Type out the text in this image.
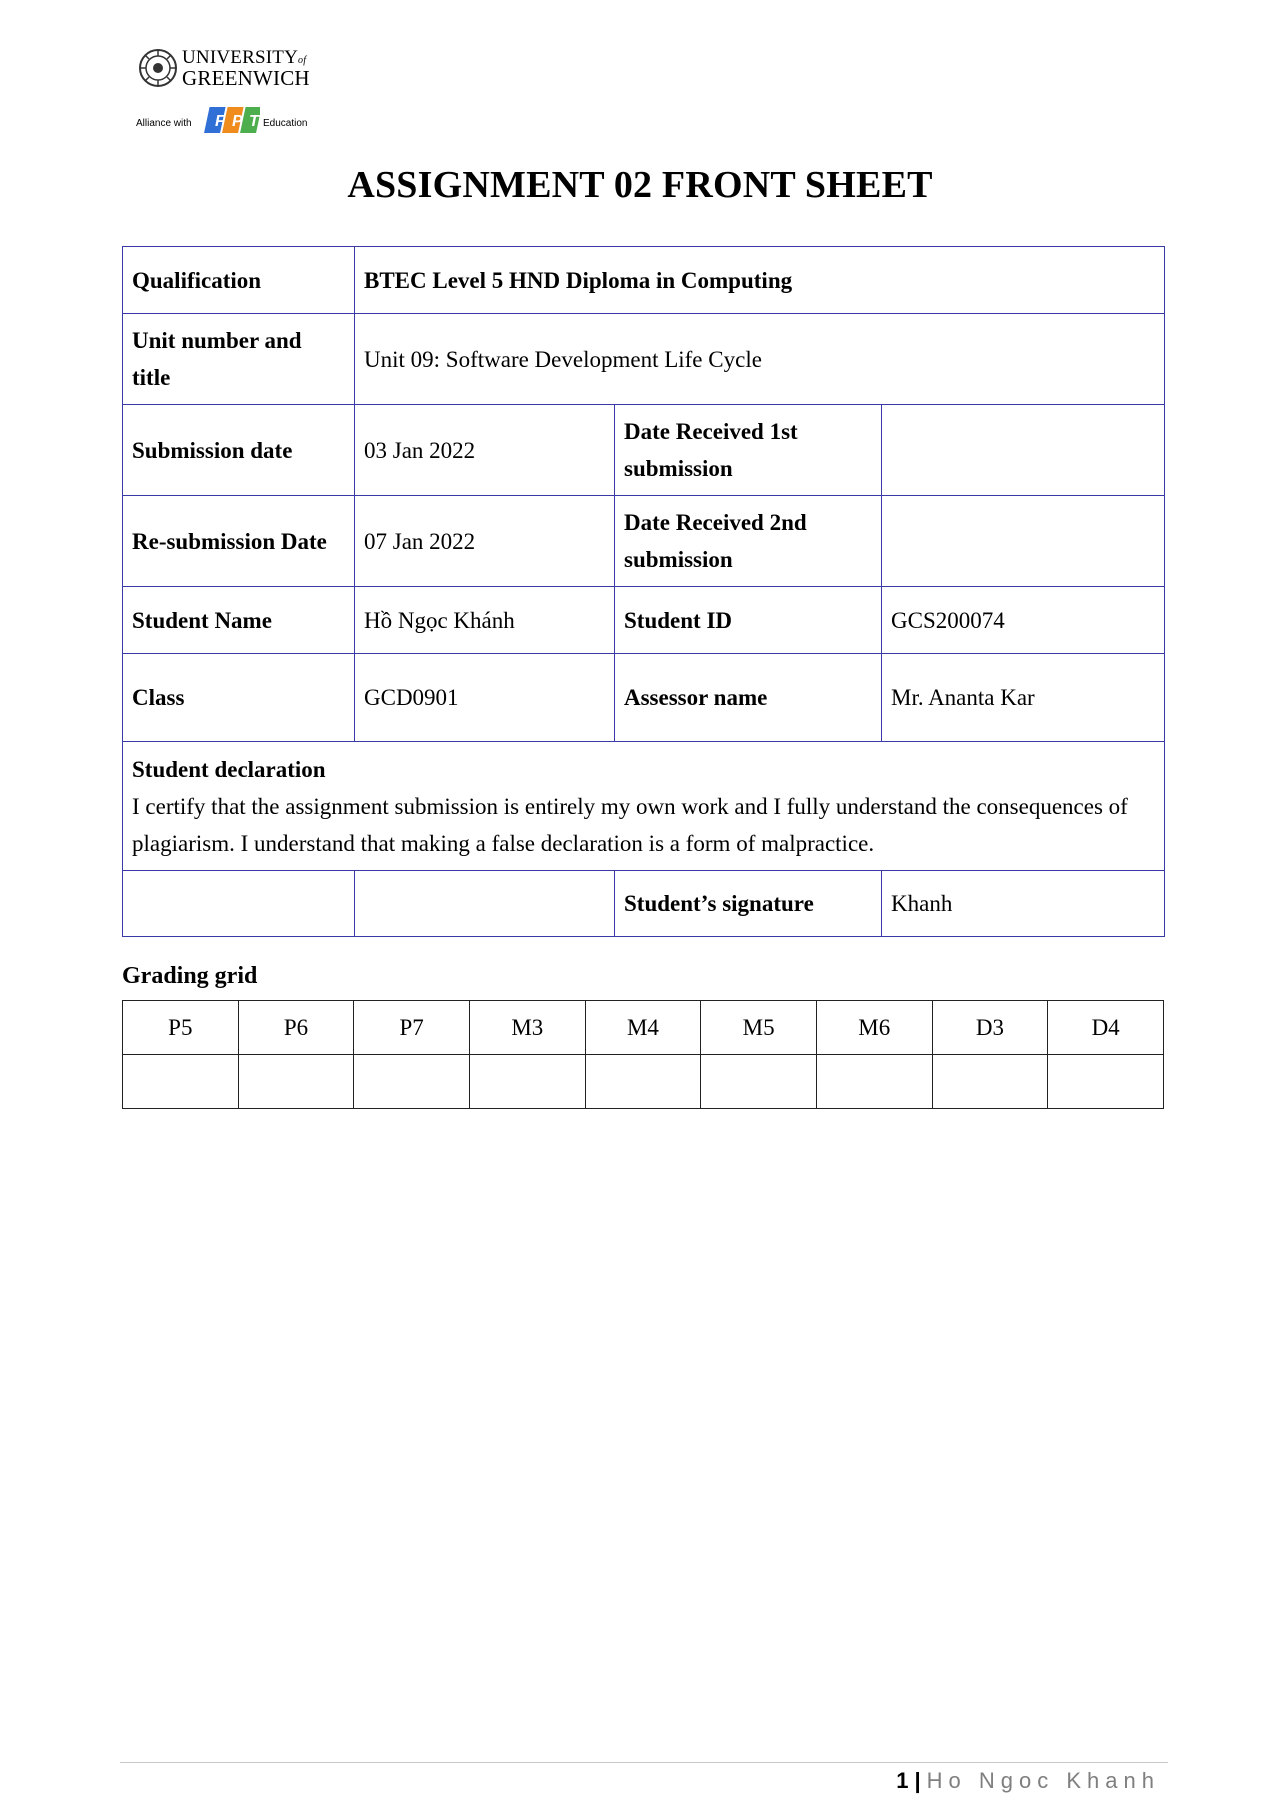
UNIVERSITYof
GREENWICH
Alliance with F P T Education
ASSIGNMENT 02 FRONT SHEET
Qualification	BTEC Level 5 HND Diploma in Computing		
Unit number and title	Unit 09: Software Development Life Cycle		
Submission date	03 Jan 2022	Date Received 1st submission	
Re-submission Date	07 Jan 2022	Date Received 2nd submission	
Student Name	Hồ Ngọc Khánh	Student ID	GCS200074
Class	GCD0901	Assessor name	Mr. Ananta Kar

Student declaration
I certify that the assignment submission is entirely my own work and I fully understand the consequences of plagiarism. I understand that making a false declaration is a form of malpractice.			

		Student’s signature	Khanh
Grading grid
P5	P6	P7	M3	M4	M5	M6	D3	D4

1 | Ho Ngoc Khanh
